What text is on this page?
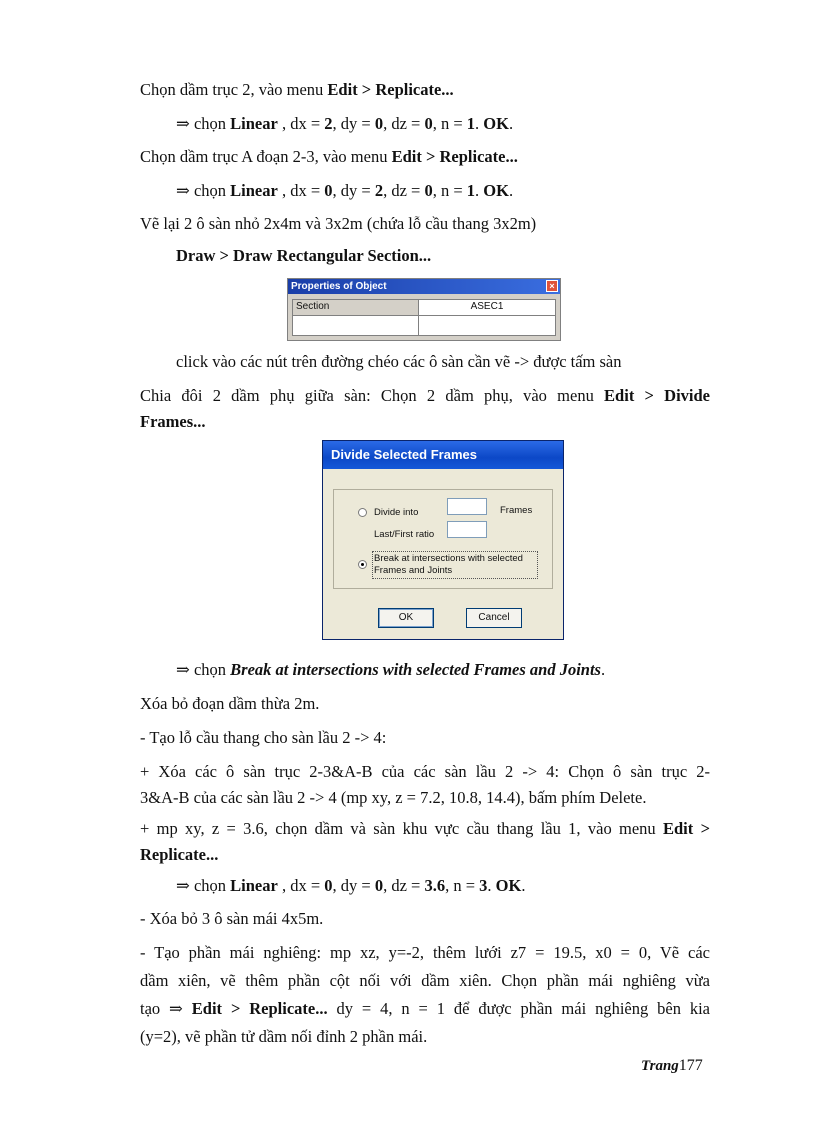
Chọn dầm trục 2, vào menu Edit > Replicate...
⇒ chọn Linear , dx = 2, dy = 0, dz = 0, n = 1. OK.
Chọn dầm trục A đoạn 2-3, vào menu Edit > Replicate...
⇒ chọn Linear , dx = 0, dy = 2, dz = 0, n = 1. OK.
Vẽ lại 2 ô sàn nhỏ 2x4m và 3x2m (chứa lỗ cầu thang 3x2m)
Draw > Draw Rectangular Section...
Properties of Object	×
Section	ASEC1
click vào các nút trên đường chéo các ô sàn cần vẽ -> được tấm sàn
Chia đôi 2 dầm phụ giữa sàn: Chọn 2 dầm phụ, vào menu Edit > Divide
Frames...
Divide Selected Frames
Divide into	Frames
Last/First ratio
Break at intersections with selected
Frames and Joints
OK	Cancel
⇒ chọn Break at intersections with selected Frames and Joints.
Xóa bỏ đoạn dầm thừa 2m.
- Tạo lỗ cầu thang cho sàn lầu 2 -> 4:
+ Xóa các ô sàn trục 2-3&A-B của các sàn lầu 2 -> 4: Chọn ô sàn trục 2-
3&A-B của các sàn lầu 2 -> 4 (mp xy, z = 7.2, 10.8, 14.4), bấm phím Delete.
+ mp xy, z = 3.6, chọn dầm và sàn khu vực cầu thang lầu 1, vào menu Edit >
Replicate...
⇒ chọn Linear , dx = 0, dy = 0, dz = 3.6, n = 3. OK.
- Xóa bỏ 3 ô sàn mái 4x5m.
- Tạo phần mái nghiêng: mp xz, y=-2, thêm lưới z7 = 19.5, x0 = 0, Vẽ các
dầm xiên, vẽ thêm phần cột nối với dầm xiên. Chọn phần mái nghiêng vừa
tạo ⇒ Edit > Replicate... dy = 4, n = 1 để được phần mái nghiêng bên kia
(y=2), vẽ phần tử dầm nối đỉnh 2 phần mái.
Trang177
